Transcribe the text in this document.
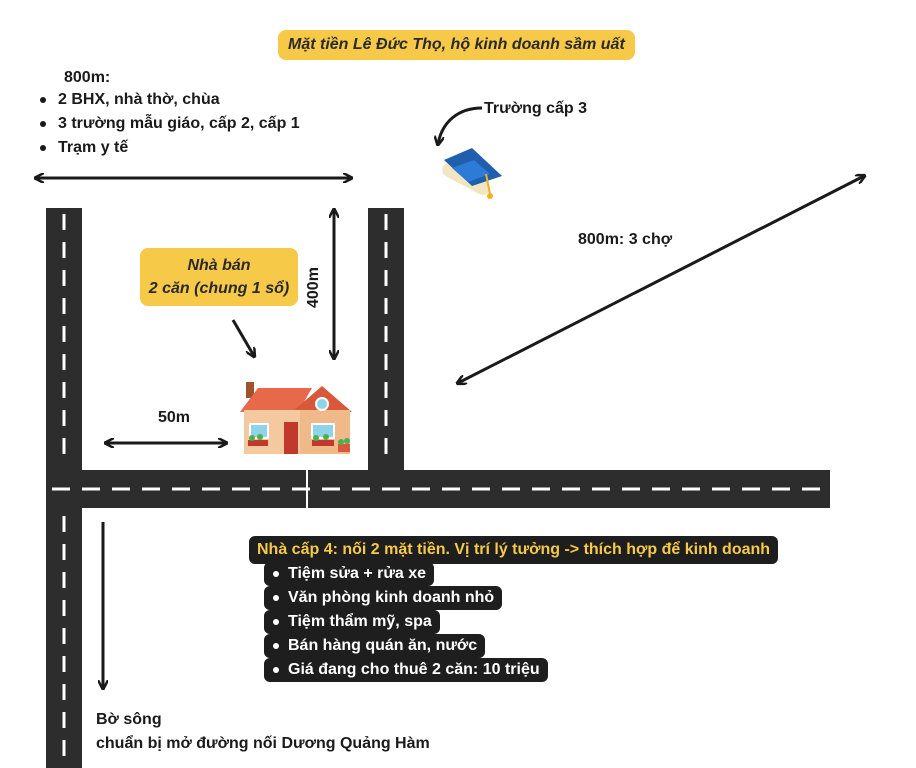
Mặt tiền Lê Đức Thọ, hộ kinh doanh sầm uất
800m:
2 BHX, nhà thờ, chùa
3 trường mẫu giáo, cấp 2, cấp 1
Trạm y tế
Trường cấp 3
800m: 3 chợ
Nhà bán
2 căn (chung 1 sổ) 400m
50m
Nhà cấp 4: nối 2 mặt tiền. Vị trí lý tưởng -> thích hợp để kinh doanh
Tiệm sửa + rửa xe
Văn phòng kinh doanh nhỏ
Tiệm thẩm mỹ, spa
Bán hàng quán ăn, nước
Giá đang cho thuê 2 căn: 10 triệu
Bờ sông
chuẩn bị mở đường nối Dương Quảng Hàm
